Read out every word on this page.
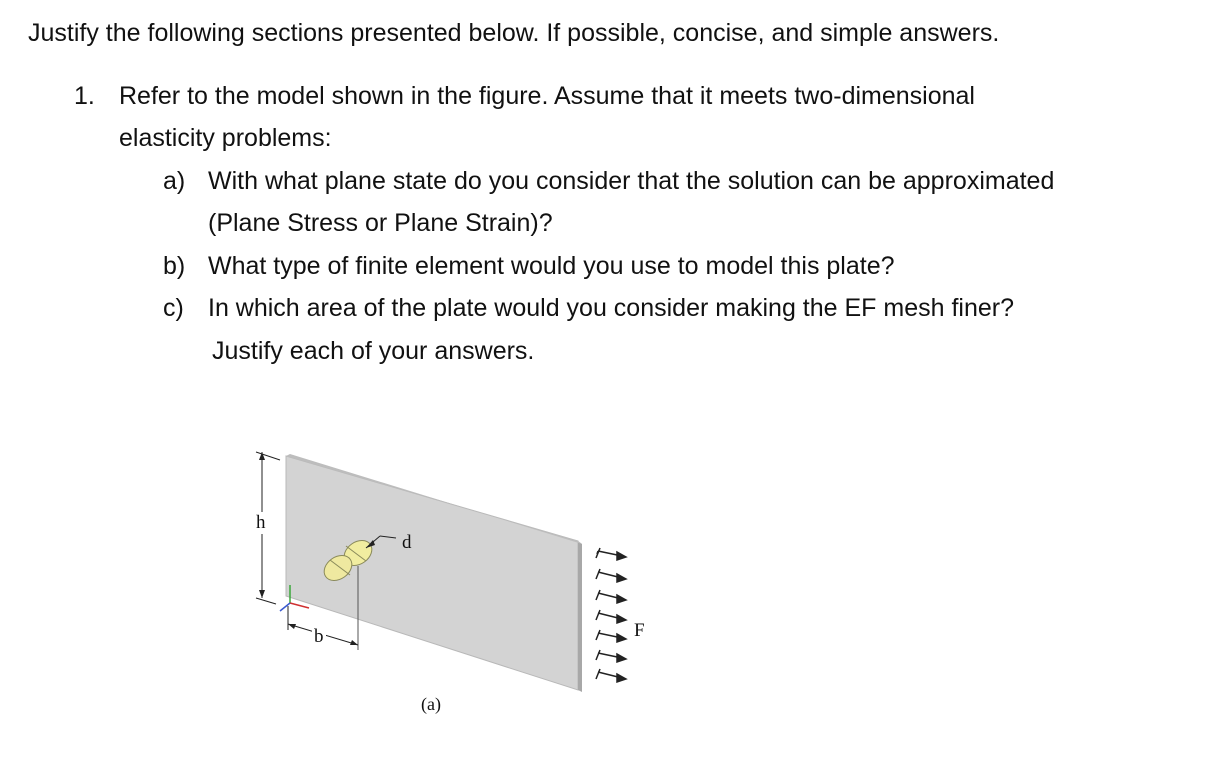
Justify the following sections presented below. If possible, concise, and simple answers.
1. Refer to the model shown in the figure. Assume that it meets two-dimensional
elasticity problems:
a) With what plane state do you consider that the solution can be approximated
(Plane Stress or Plane Strain)?
b) What type of finite element would you use to model this plate?
c) In which area of the plate would you consider making the EF mesh finer?
Justify each of your answers.
h
d
b	F
(a)
